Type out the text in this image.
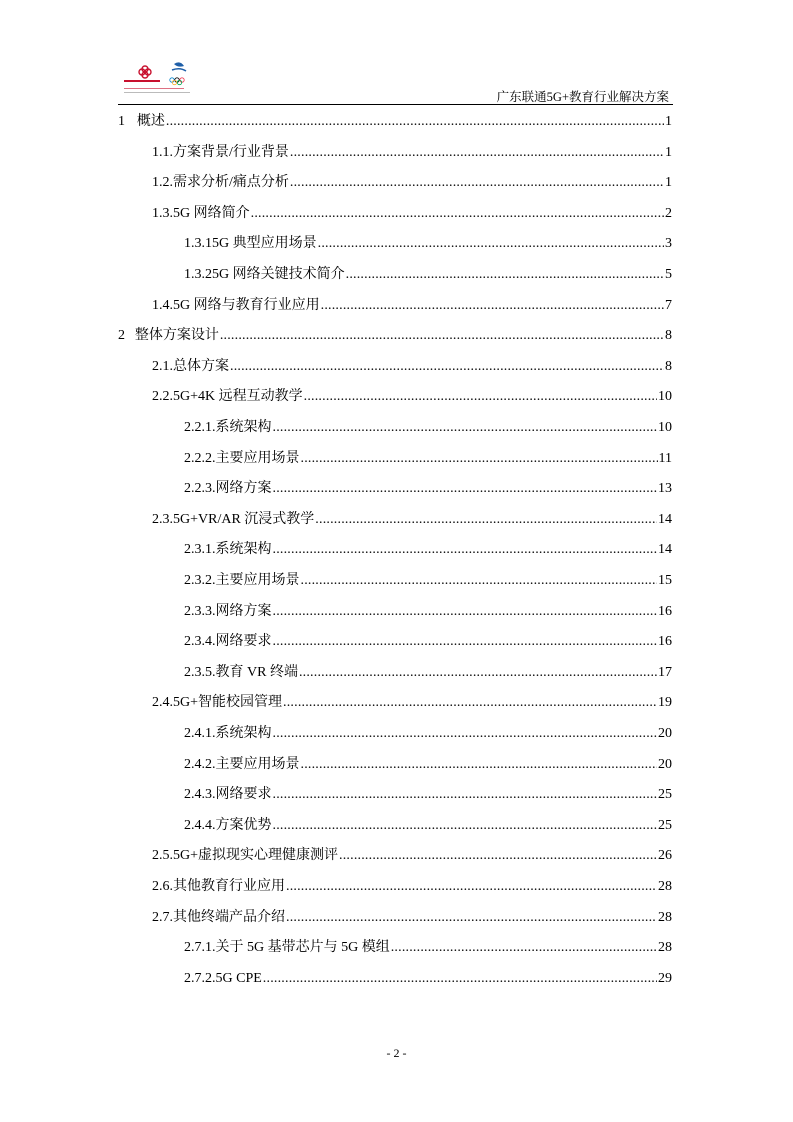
广东联通5G+教育行业解决方案
1 概述 .....	1
1.1. 方案背景/行业背景 .....	1
1.2. 需求分析/痛点分析 .....	1
1.3. 5G 网络简介 .....	2
1.3.1 5G 典型应用场景 .....	3
1.3.2 5G 网络关键技术简介 .....	5
1.4. 5G 网络与教育行业应用 .....	7
2 整体方案设计 .....	8
2.1. 总体方案 .....	8
2.2. 5G+4K 远程互动教学 .....	10
2.2.1. 系统架构 .....	10
2.2.2. 主要应用场景 .....	11
2.2.3. 网络方案 .....	13
2.3. 5G+VR/AR 沉浸式教学 .....	14
2.3.1. 系统架构 .....	14
2.3.2. 主要应用场景 .....	15
2.3.3. 网络方案 .....	16
2.3.4. 网络要求 .....	16
2.3.5. 教育 VR 终端 .....	17
2.4. 5G+智能校园管理 .....	19
2.4.1. 系统架构 .....	20
2.4.2. 主要应用场景 .....	20
2.4.3. 网络要求 .....	25
2.4.4. 方案优势 .....	25
2.5. 5G+虚拟现实心理健康测评 .....	26
2.6. 其他教育行业应用 .....	28
2.7. 其他终端产品介绍 .....	28
2.7.1. 关于 5G 基带芯片与 5G 模组 .....	28
2.7.2. 5G CPE .....	29
- 2 -
